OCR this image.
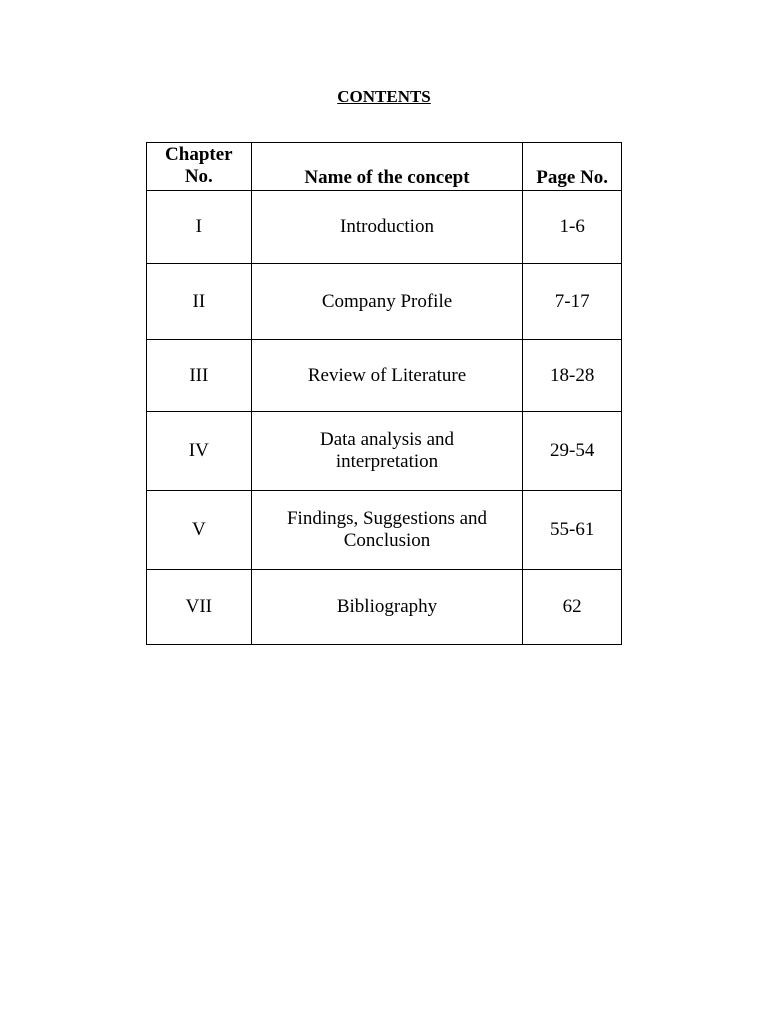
CONTENTS
Chapter No.	Name of the concept	Page No.
I	Introduction	1-6
II	Company Profile	7-17
III	Review of Literature	18-28
IV	Data analysis and interpretation	29-54
V	Findings, Suggestions and Conclusion	55-61
VII	Bibliography	62
